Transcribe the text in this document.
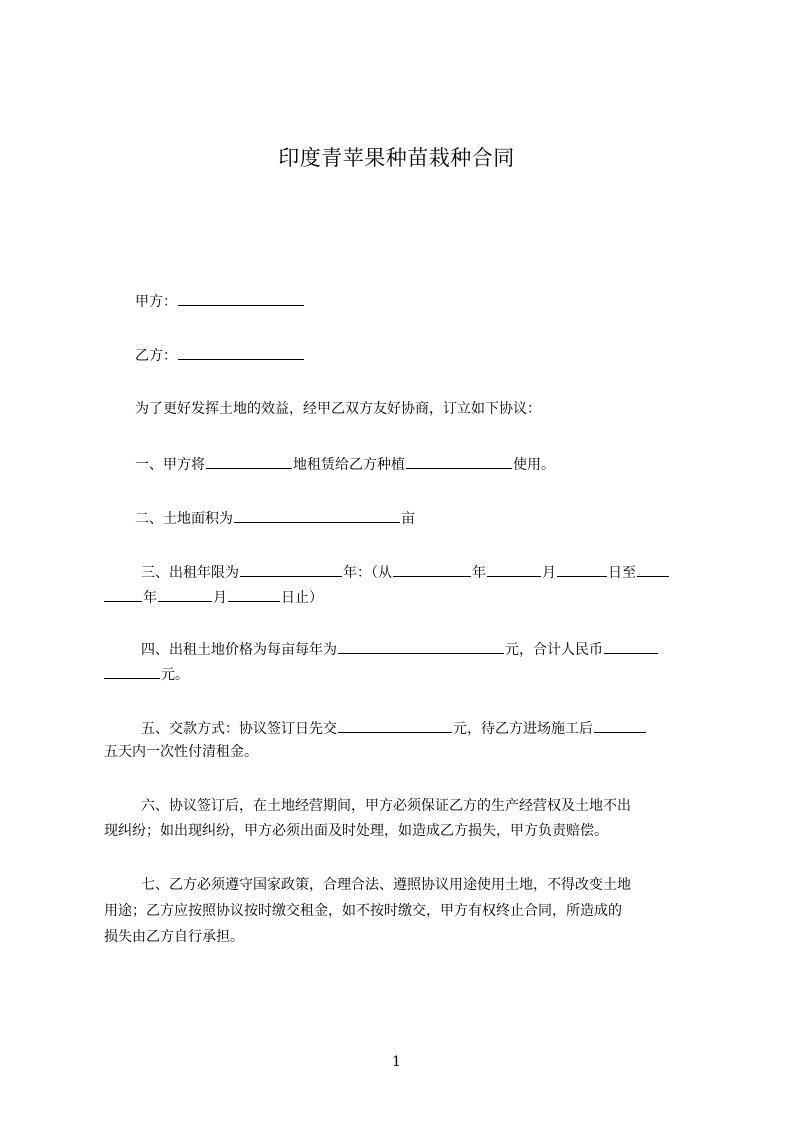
印度青苹果种苗栽种合同
甲方：
乙方：
为了更好发挥土地的效益，经甲乙双方友好协商，订立如下协议：
一、甲方将	地租赁给乙方种植	使用。
二、土地面积为	亩
三、出租年限为	年：（从	年	月	日至
年	月	日止）
四、出租土地价格为每亩每年为	元，合计人民币
元。
五、交款方式：协议签订日先交	元，待乙方进场施工后
五天内一次性付清租金。
六、协议签订后，在土地经营期间，甲方必须保证乙方的生产经营权及土地不出
现纠纷；如出现纠纷，甲方必须出面及时处理，如造成乙方损失，甲方负责赔偿。
七、乙方必须遵守国家政策，合理合法、遵照协议用途使用土地，不得改变土地
用途；乙方应按照协议按时缴交租金，如不按时缴交，甲方有权终止合同，所造成的
损失由乙方自行承担。
1
